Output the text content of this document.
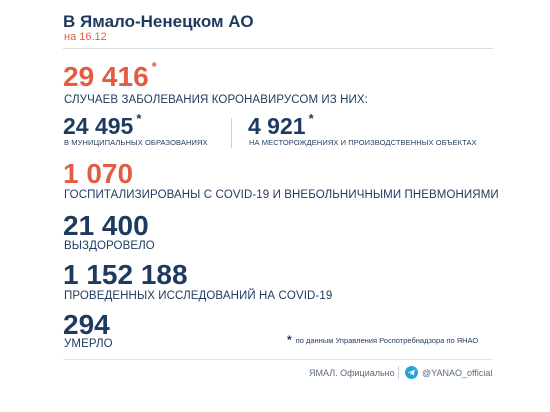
В Ямало-Ненецком АО
на 16.12
29 416 *
СЛУЧАЕВ ЗАБОЛЕВАНИЯ КОРОНАВИРУСОМ ИЗ НИХ:
24 495 *
В МУНИЦИПАЛЬНЫХ ОБРАЗОВАНИЯХ
4 921 *
НА МЕСТОРОЖДЕНИЯХ И ПРОИЗВОДСТВЕННЫХ ОБЪЕКТАХ
1 070
ГОСПИТАЛИЗИРОВАНЫ С COVID-19 И ВНЕБОЛЬНИЧНЫМИ ПНЕВМОНИЯМИ
21 400
ВЫЗДОРОВЕЛО
1 152 188
ПРОВЕДЕННЫХ ИССЛЕДОВАНИЙ НА COVID-19
294
УМЕРЛО	* по данным Управления Роспотребнадзора по ЯНАО
ЯМАЛ. Официально	@YANAO_official
